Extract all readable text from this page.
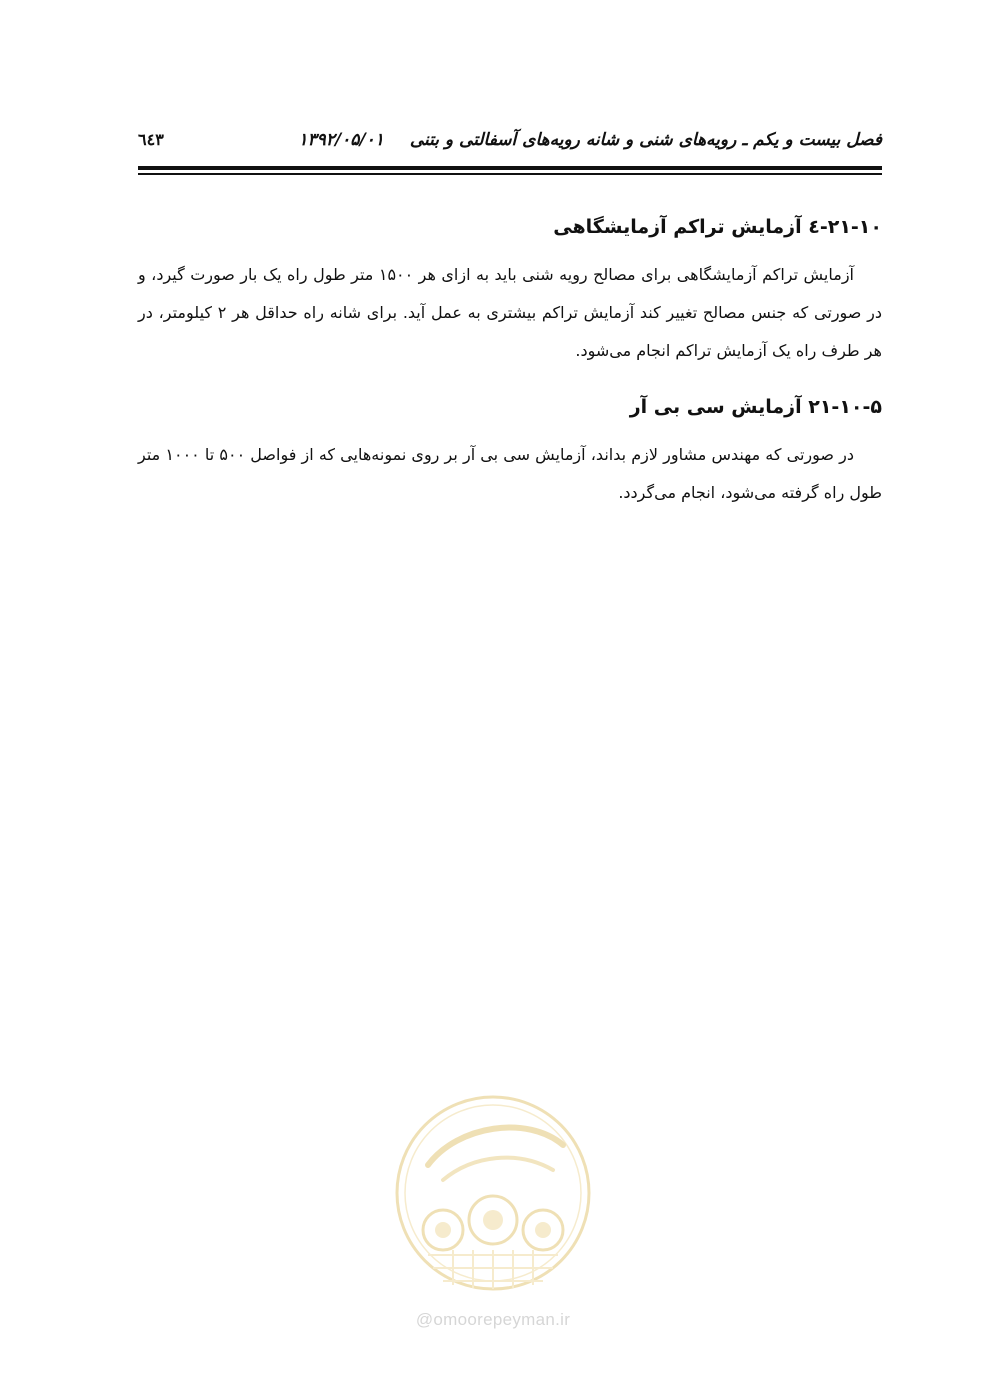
فصل بیست و یکم ـ رویه‌های شنی و شانه رویه‌های آسفالتی و بتنی۱۳۹۲/۰۵/۰۱
٦٤٣
۲۱-۱۰-٤ آزمایش تراکم آزمایشگاهی

آزمایش تراکم آزمایشگاهی برای مصالح رویه شنی باید به ازای هر ۱۵۰۰ متر طول راه یک بار صورت گیرد، و در صورتی که جنس مصالح تغییر کند آزمایش تراکم بیشتری به عمل آید. برای شانه راه حداقل هر ۲ کیلومتر، در هر طرف راه یک آزمایش تراکم انجام می‌شود.

۲۱-۱۰-۵ آزمایش سی بی آر

در صورتی که مهندس مشاور لازم بداند، آزمایش سی بی آر بر روی نمونه‌هایی که از فواصل ۵۰۰ تا ۱۰۰۰ متر طول راه گرفته می‌شود، انجام می‌گردد.

@omoorepeyman.ir
